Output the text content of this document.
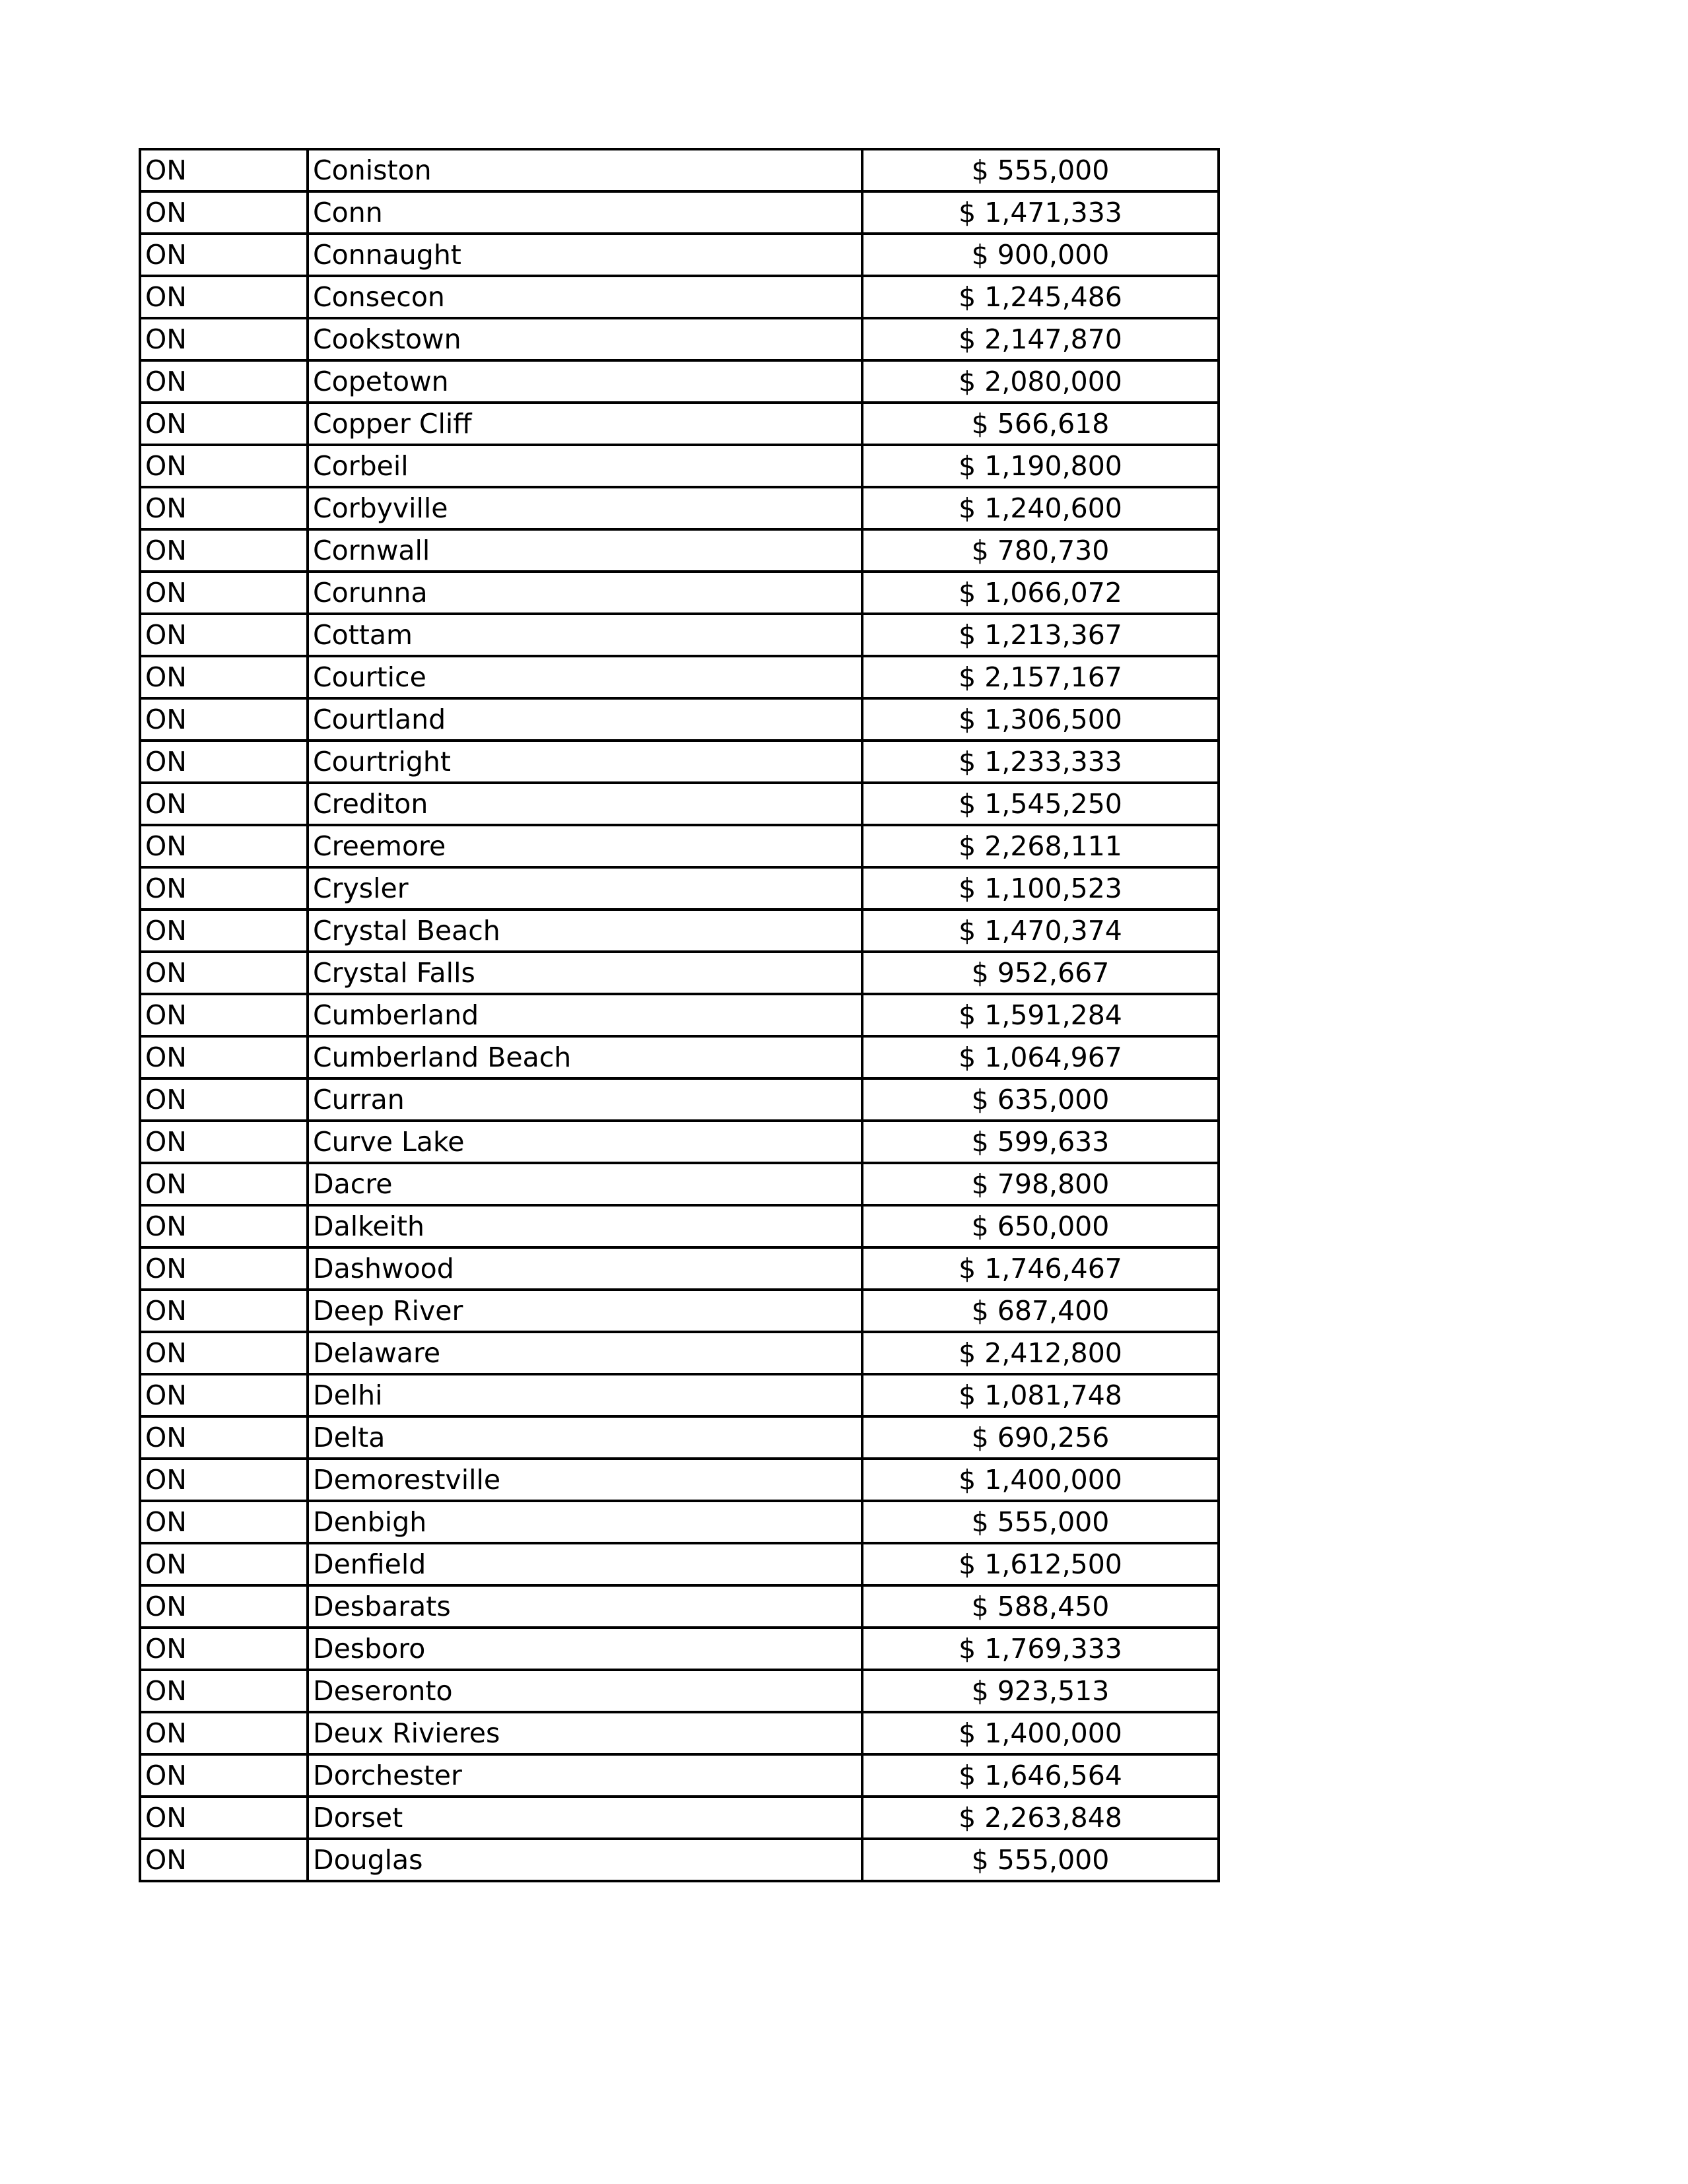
ON	Coniston	$ 555,000
ON	Conn	$ 1,471,333
ON	Connaught	$ 900,000
ON	Consecon	$ 1,245,486
ON	Cookstown	$ 2,147,870
ON	Copetown	$ 2,080,000
ON	Copper Cliff	$ 566,618
ON	Corbeil	$ 1,190,800
ON	Corbyville	$ 1,240,600
ON	Cornwall	$ 780,730
ON	Corunna	$ 1,066,072
ON	Cottam	$ 1,213,367
ON	Courtice	$ 2,157,167
ON	Courtland	$ 1,306,500
ON	Courtright	$ 1,233,333
ON	Crediton	$ 1,545,250
ON	Creemore	$ 2,268,111
ON	Crysler	$ 1,100,523
ON	Crystal Beach	$ 1,470,374
ON	Crystal Falls	$ 952,667
ON	Cumberland	$ 1,591,284
ON	Cumberland Beach	$ 1,064,967
ON	Curran	$ 635,000
ON	Curve Lake	$ 599,633
ON	Dacre	$ 798,800
ON	Dalkeith	$ 650,000
ON	Dashwood	$ 1,746,467
ON	Deep River	$ 687,400
ON	Delaware	$ 2,412,800
ON	Delhi	$ 1,081,748
ON	Delta	$ 690,256
ON	Demorestville	$ 1,400,000
ON	Denbigh	$ 555,000
ON	Denfield	$ 1,612,500
ON	Desbarats	$ 588,450
ON	Desboro	$ 1,769,333
ON	Deseronto	$ 923,513
ON	Deux Rivieres	$ 1,400,000
ON	Dorchester	$ 1,646,564
ON	Dorset	$ 2,263,848
ON	Douglas	$ 555,000
